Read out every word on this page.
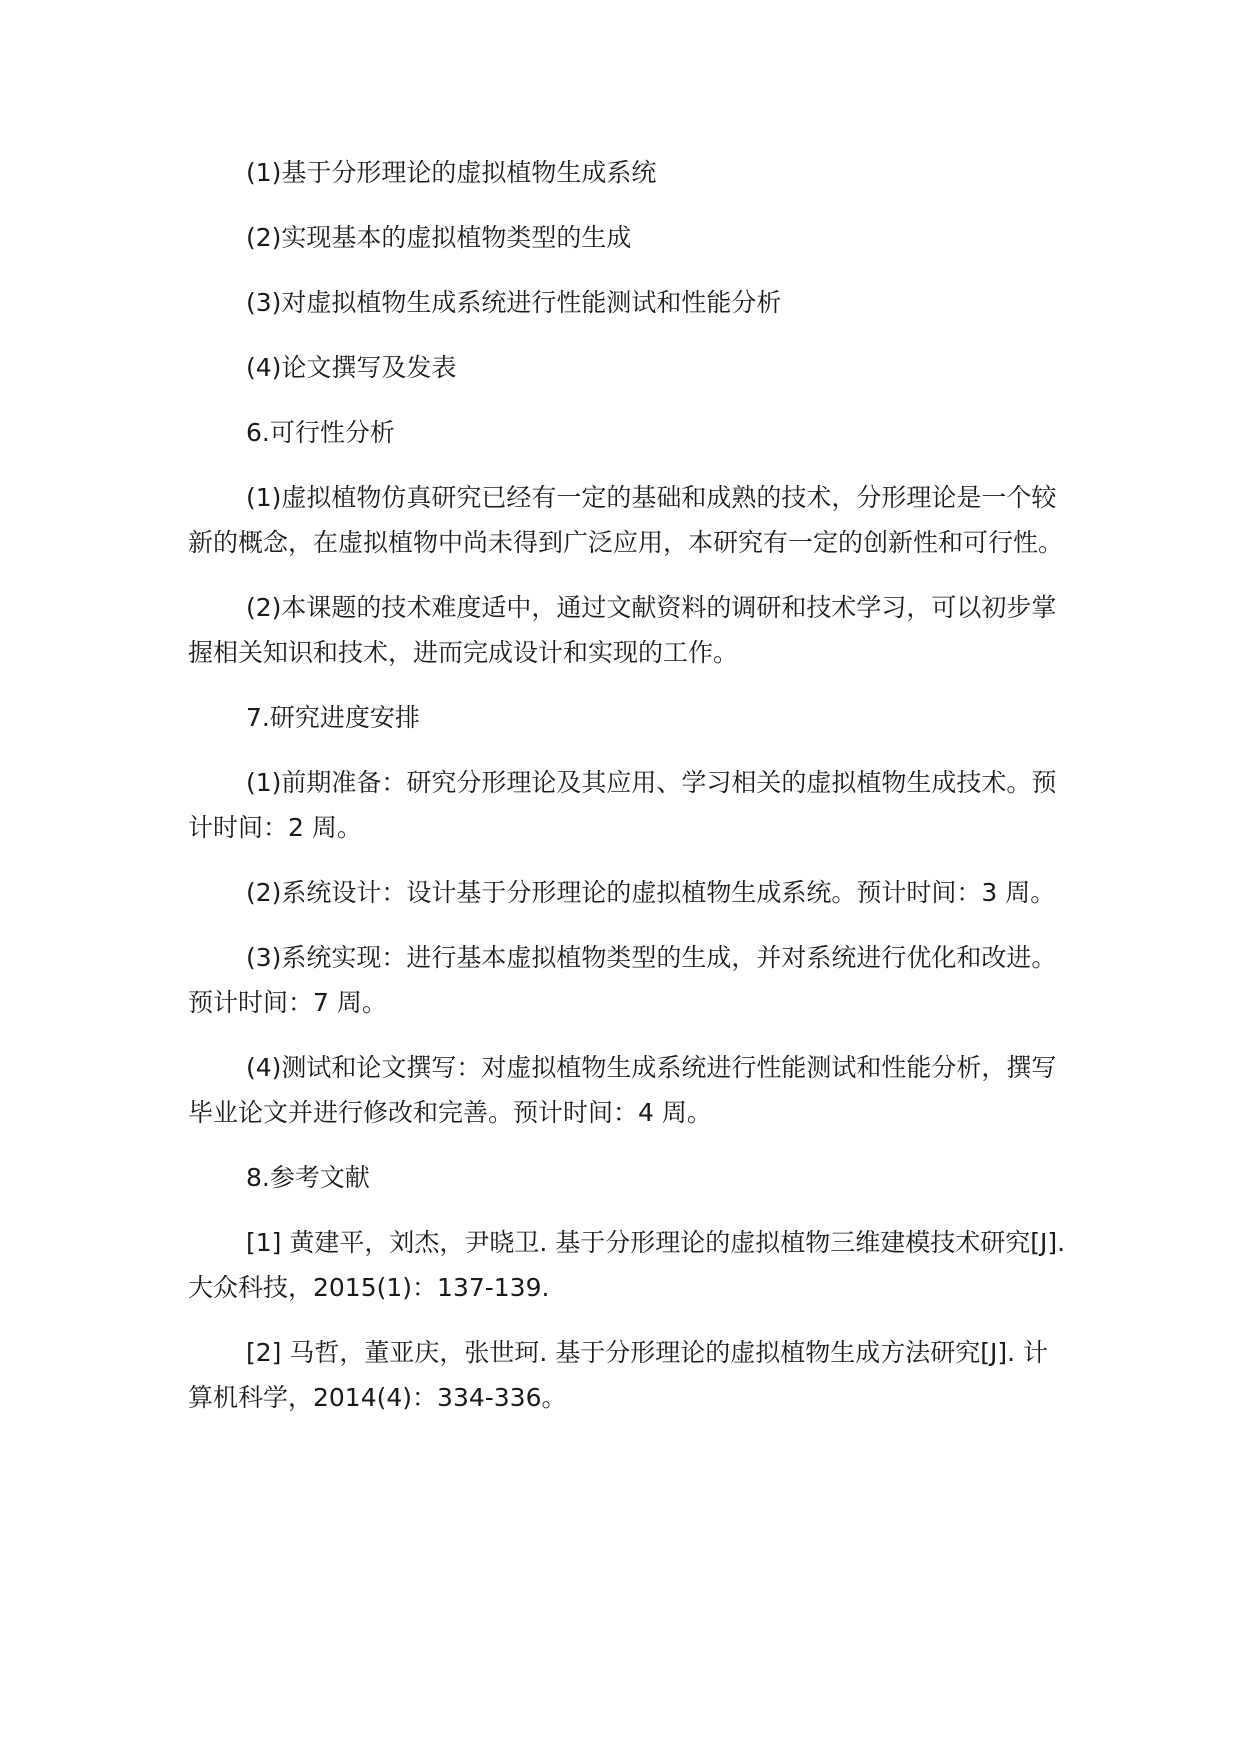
(1)基于分形理论的虚拟植物生成系统

(2)实现基本的虚拟植物类型的生成

(3)对虚拟植物生成系统进行性能测试和性能分析

(4)论文撰写及发表

6.可行性分析

(1)虚拟植物仿真研究已经有一定的基础和成熟的技术，分形理论是一个较新的概念，在虚拟植物中尚未得到广泛应用，本研究有一定的创新性和可行性。

(2)本课题的技术难度适中，通过文献资料的调研和技术学习，可以初步掌握相关知识和技术，进而完成设计和实现的工作。

7.研究进度安排

(1)前期准备：研究分形理论及其应用、学习相关的虚拟植物生成技术。预计时间：2 周。

(2)系统设计：设计基于分形理论的虚拟植物生成系统。预计时间：3 周。

(3)系统实现：进行基本虚拟植物类型的生成，并对系统进行优化和改进。预计时间：7 周。

(4)测试和论文撰写：对虚拟植物生成系统进行性能测试和性能分析，撰写毕业论文并进行修改和完善。预计时间：4 周。

8.参考文献

[1] 黄建平，刘杰，尹晓卫. 基于分形理论的虚拟植物三维建模技术研究[J]. 大众科技，2015(1)：137-139.

[2] 马哲，董亚庆，张世珂. 基于分形理论的虚拟植物生成方法研究[J]. 计算机科学，2014(4)：334-336。
